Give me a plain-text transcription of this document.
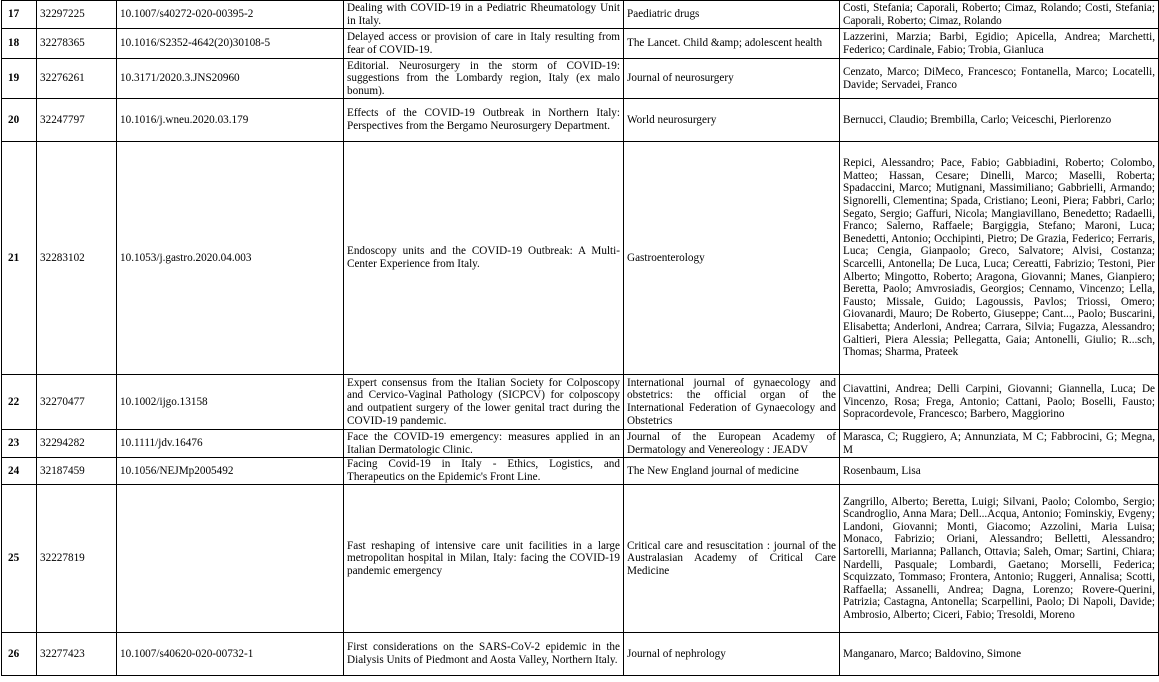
17	32297225	10.1007/s40272-020-00395-2	Dealing with COVID-19 in a Pediatric Rheumatology Unit in Italy.	Paediatric drugs	Costi, Stefania; Caporali, Roberto; Cimaz, Rolando; Costi, Stefania; Caporali, Roberto; Cimaz, Rolando
18	32278365	10.1016/S2352-4642(20)30108-5	Delayed access or provision of care in Italy resulting from fear of COVID-19.	The Lancet. Child &amp; adolescent health	Lazzerini, Marzia; Barbi, Egidio; Apicella, Andrea; Marchetti, Federico; Cardinale, Fabio; Trobia, Gianluca
19	32276261	10.3171/2020.3.JNS20960	Editorial. Neurosurgery in the storm of COVID-19: suggestions from the Lombardy region, Italy (ex malo bonum).	Journal of neurosurgery	Cenzato, Marco; DiMeco, Francesco; Fontanella, Marco; Locatelli, Davide; Servadei, Franco
20	32247797	10.1016/j.wneu.2020.03.179	Effects of the COVID-19 Outbreak in Northern Italy: Perspectives from the Bergamo Neurosurgery Department.	World neurosurgery	Bernucci, Claudio; Brembilla, Carlo; Veiceschi, Pierlorenzo
21	32283102	10.1053/j.gastro.2020.04.003	Endoscopy units and the COVID-19 Outbreak: A Multi-Center Experience from Italy.	Gastroenterology	Repici, Alessandro; Pace, Fabio; Gabbiadini, Roberto; Colombo, Matteo; Hassan, Cesare; Dinelli, Marco; Maselli, Roberta; Spadaccini, Marco; Mutignani, Massimiliano; Gabbrielli, Armando; Signorelli, Clementina; Spada, Cristiano; Leoni, Piera; Fabbri, Carlo; Segato, Sergio; Gaffuri, Nicola; Mangiavillano, Benedetto; Radaelli, Franco; Salerno, Raffaele; Bargiggia, Stefano; Maroni, Luca; Benedetti, Antonio; Occhipinti, Pietro; De Grazia, Federico; Ferraris, Luca; Cengia, Gianpaolo; Greco, Salvatore; Alvisi, Costanza; Scarcelli, Antonella; De Luca, Luca; Cereatti, Fabrizio; Testoni, Pier Alberto; Mingotto, Roberto; Aragona, Giovanni; Manes, Gianpiero; Beretta, Paolo; Amvrosiadis, Georgios; Cennamo, Vincenzo; Lella, Fausto; Missale, Guido; Lagoussis, Pavlos; Triossi, Omero; Giovanardi, Mauro; De Roberto, Giuseppe; Cant..., Paolo; Buscarini, Elisabetta; Anderloni, Andrea; Carrara, Silvia; Fugazza, Alessandro; Galtieri, Piera Alessia; Pellegatta, Gaia; Antonelli, Giulio; R...sch, Thomas; Sharma, Prateek
22	32270477	10.1002/ijgo.13158	Expert consensus from the Italian Society for Colposcopy and Cervico-Vaginal Pathology (SICPCV) for colposcopy and outpatient surgery of the lower genital tract during the COVID-19 pandemic.	International journal of gynaecology and obstetrics: the official organ of the International Federation of Gynaecology and Obstetrics	Ciavattini, Andrea; Delli Carpini, Giovanni; Giannella, Luca; De Vincenzo, Rosa; Frega, Antonio; Cattani, Paolo; Boselli, Fausto; Sopracordevole, Francesco; Barbero, Maggiorino
23	32294282	10.1111/jdv.16476	Face the COVID-19 emergency: measures applied in an Italian Dermatologic Clinic.	Journal of the European Academy of Dermatology and Venereology : JEADV	Marasca, C; Ruggiero, A; Annunziata, M C; Fabbrocini, G; Megna, M
24	32187459	10.1056/NEJMp2005492	Facing Covid-19 in Italy - Ethics, Logistics, and Therapeutics on the Epidemic's Front Line.	The New England journal of medicine	Rosenbaum, Lisa
25	32227819		Fast reshaping of intensive care unit facilities in a large metropolitan hospital in Milan, Italy: facing the COVID-19 pandemic emergency	Critical care and resuscitation : journal of the Australasian Academy of Critical Care Medicine	Zangrillo, Alberto; Beretta, Luigi; Silvani, Paolo; Colombo, Sergio; Scandroglio, Anna Mara; Dell...Acqua, Antonio; Fominskiy, Evgeny; Landoni, Giovanni; Monti, Giacomo; Azzolini, Maria Luisa; Monaco, Fabrizio; Oriani, Alessandro; Belletti, Alessandro; Sartorelli, Marianna; Pallanch, Ottavia; Saleh, Omar; Sartini, Chiara; Nardelli, Pasquale; Lombardi, Gaetano; Morselli, Federica; Scquizzato, Tommaso; Frontera, Antonio; Ruggeri, Annalisa; Scotti, Raffaella; Assanelli, Andrea; Dagna, Lorenzo; Rovere-Querini, Patrizia; Castagna, Antonella; Scarpellini, Paolo; Di Napoli, Davide; Ambrosio, Alberto; Ciceri, Fabio; Tresoldi, Moreno
26	32277423	10.1007/s40620-020-00732-1	First considerations on the SARS-CoV-2 epidemic in the Dialysis Units of Piedmont and Aosta Valley, Northern Italy.	Journal of nephrology	Manganaro, Marco; Baldovino, Simone
